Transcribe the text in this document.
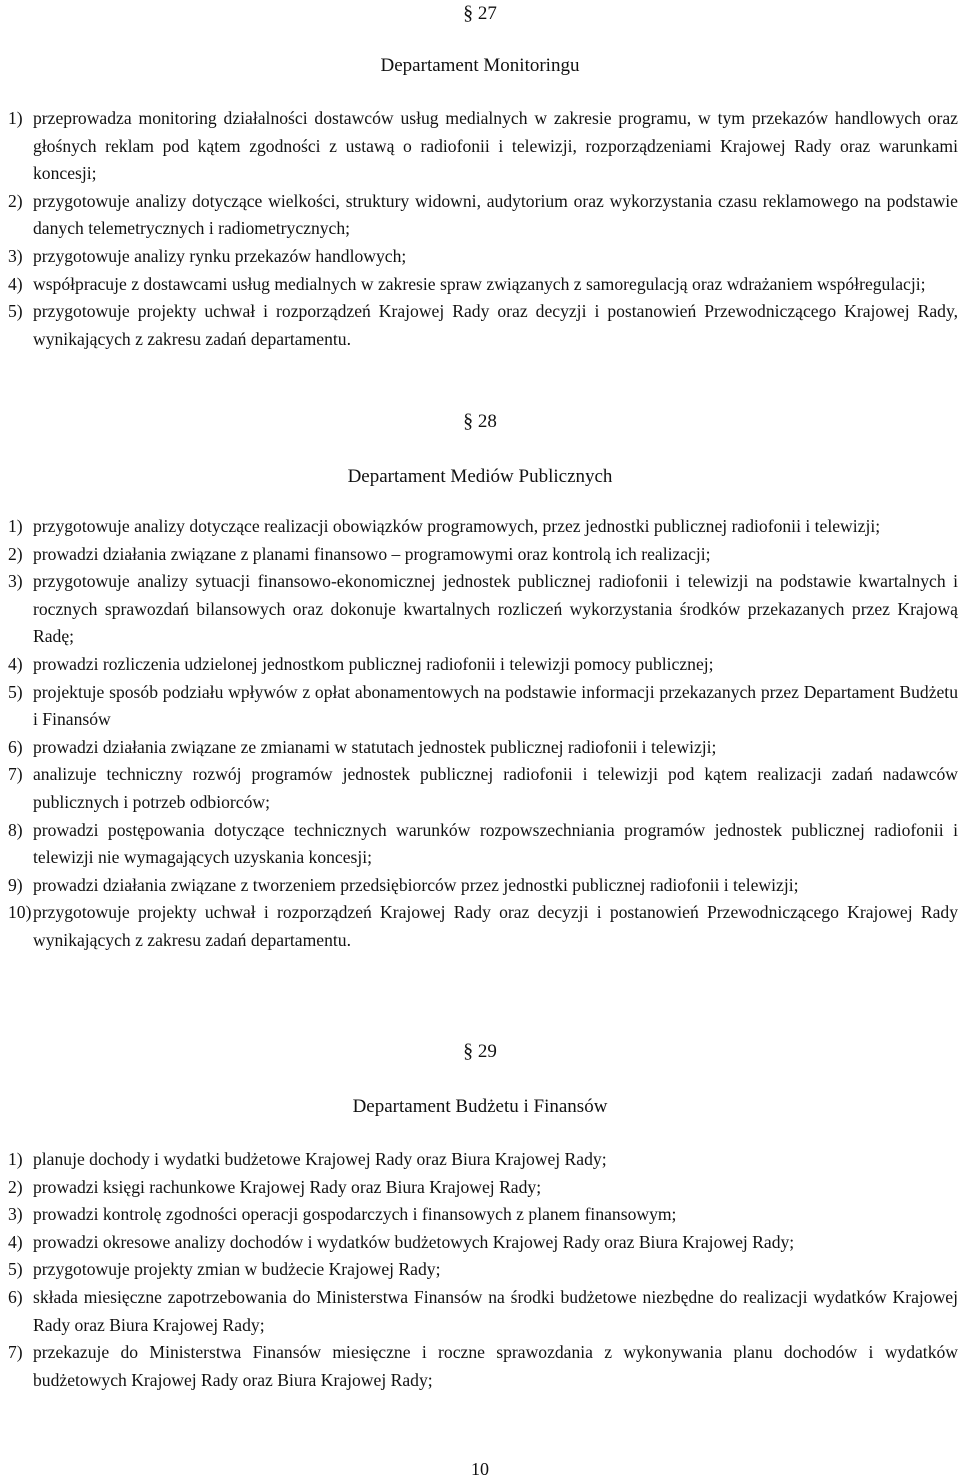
§ 27
Departament Monitoringu
1) przeprowadza monitoring działalności dostawców usług medialnych w zakresie programu, w tym przekazów handlowych oraz głośnych reklam pod kątem zgodności z ustawą o radiofonii i telewizji, rozporządzeniami Krajowej Rady oraz warunkami koncesji;
2) przygotowuje analizy dotyczące wielkości, struktury widowni, audytorium oraz wykorzystania czasu reklamowego na podstawie danych telemetrycznych i radiometrycznych;
3) przygotowuje analizy rynku przekazów handlowych;
4) współpracuje z dostawcami usług medialnych w zakresie spraw związanych z samoregulacją oraz wdrażaniem współregulacji;
5) przygotowuje projekty uchwał i rozporządzeń Krajowej Rady oraz decyzji i postanowień Przewodniczącego Krajowej Rady, wynikających z zakresu zadań departamentu.
§ 28
Departament Mediów Publicznych
1) przygotowuje analizy dotyczące realizacji obowiązków programowych, przez jednostki publicznej radiofonii i telewizji;
2) prowadzi działania związane z planami finansowo – programowymi oraz kontrolą ich realizacji;
3) przygotowuje analizy sytuacji finansowo-ekonomicznej jednostek publicznej radiofonii i telewizji na podstawie kwartalnych i rocznych sprawozdań bilansowych oraz dokonuje kwartalnych rozliczeń wykorzystania środków przekazanych przez Krajową Radę;
4) prowadzi rozliczenia udzielonej jednostkom publicznej radiofonii i telewizji pomocy publicznej;
5) projektuje sposób podziału wpływów z opłat abonamentowych na podstawie informacji przekazanych przez Departament Budżetu i Finansów
6) prowadzi działania związane ze zmianami w statutach jednostek publicznej radiofonii i telewizji;
7) analizuje techniczny rozwój programów jednostek publicznej radiofonii i telewizji pod kątem realizacji zadań nadawców publicznych i potrzeb odbiorców;
8) prowadzi postępowania dotyczące technicznych warunków rozpowszechniania programów jednostek publicznej radiofonii i telewizji nie wymagających uzyskania koncesji;
9) prowadzi działania związane z tworzeniem przedsiębiorców przez jednostki publicznej radiofonii i telewizji;
10) przygotowuje projekty uchwał i rozporządzeń Krajowej Rady oraz decyzji i postanowień Przewodniczącego Krajowej Rady wynikających z zakresu zadań departamentu.
§ 29
Departament Budżetu i Finansów
1) planuje dochody i wydatki budżetowe Krajowej Rady oraz Biura Krajowej Rady;
2) prowadzi księgi rachunkowe Krajowej Rady oraz Biura Krajowej Rady;
3) prowadzi kontrolę zgodności operacji gospodarczych i finansowych z planem finansowym;
4) prowadzi okresowe analizy dochodów i wydatków budżetowych Krajowej Rady oraz Biura Krajowej Rady;
5) przygotowuje projekty zmian w budżecie Krajowej Rady;
6) składa miesięczne zapotrzebowania do Ministerstwa Finansów na środki budżetowe niezbędne do realizacji wydatków Krajowej Rady oraz Biura Krajowej Rady;
7) przekazuje do Ministerstwa Finansów miesięczne i roczne sprawozdania z wykonywania planu dochodów i wydatków budżetowych Krajowej Rady oraz Biura Krajowej Rady;
10
